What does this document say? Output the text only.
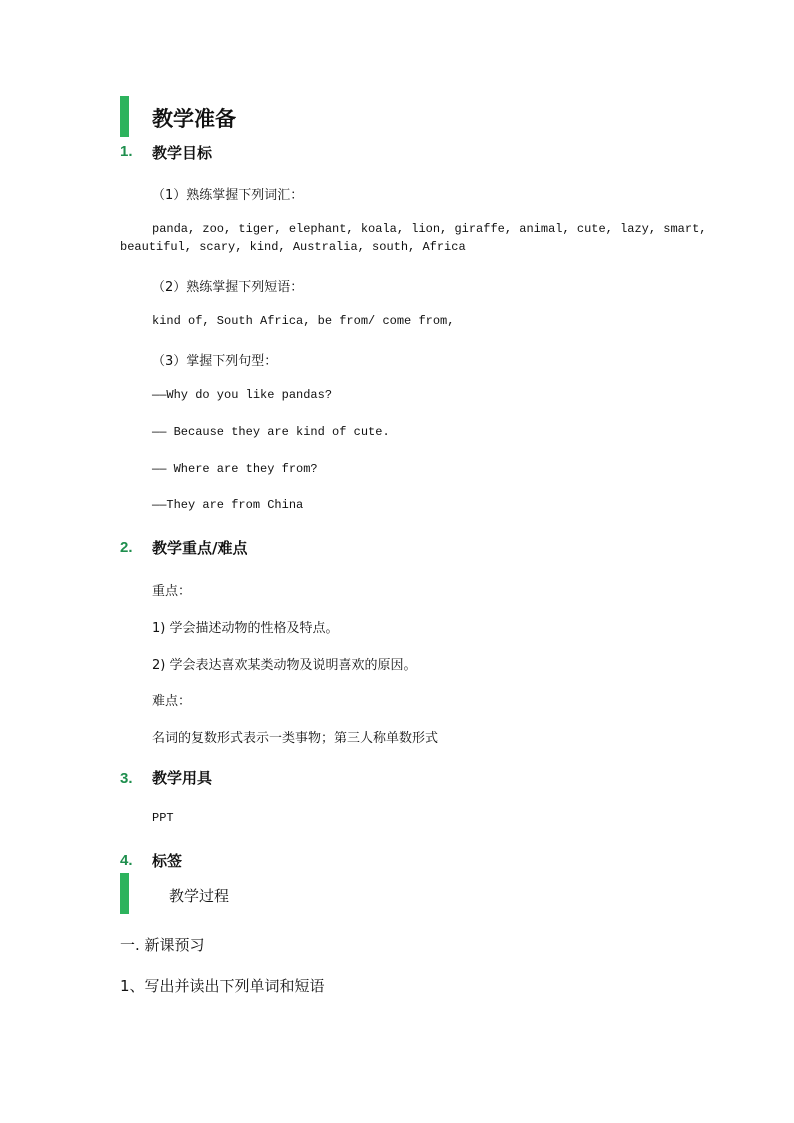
教学准备
1. 教学目标
（1）熟练掌握下列词汇：
panda, zoo, tiger, elephant, koala, lion, giraffe, animal, cute, lazy, smart,
beautiful, scary, kind, Australia, south, Africa
（2）熟练掌握下列短语：
kind of, South Africa, be from/ come from,
（3）掌握下列句型：
——Why do you like pandas?
—— Because they are kind of cute.
—— Where are they from?
——They are from China
2. 教学重点/难点
重点：
1) 学会描述动物的性格及特点。
2) 学会表达喜欢某类动物及说明喜欢的原因。
难点：
名词的复数形式表示一类事物；第三人称单数形式
3. 教学用具
PPT
4. 标签
教学过程
一. 新课预习
1、写出并读出下列单词和短语
